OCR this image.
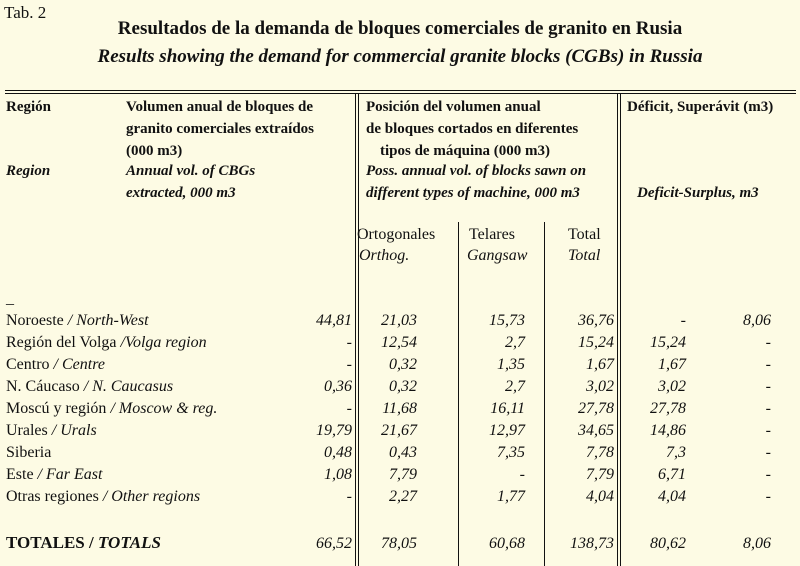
Tab. 2
Resultados de la demanda de bloques comerciales de granito en Rusia
Results showing the demand for commercial granite blocks (CGBs) in Russia
Región
Region
Volumen anual de bloques de
granito comerciales extraídos
(000 m3)
Annual vol. of CBGs
extracted, 000 m3
Posición del volumen anual
de bloques cortados en diferentes
tipos de máquina (000 m3)
Poss. annual vol. of blocks sawn on
different types of machine, 000 m3
Déficit, Superávit (m3)
Deficit-Surplus, m3
Ortogonales
Orthog.
Telares
Gangsaw
Total
Total
_
Noroeste / North-West	44,81	21,03	15,73	36,76	-	8,06
Región del Volga /Volga region	-	12,54	2,7	15,24	15,24	-
Centro / Centre	-	0,32	1,35	1,67	1,67	-
N. Cáucaso / N. Caucasus	0,36	0,32	2,7	3,02	3,02	-
Moscú y región / Moscow & reg.	-	11,68	16,11	27,78	27,78	-
Urales / Urals	19,79	21,67	12,97	34,65	14,86	-
Siberia	0,48	0,43	7,35	7,78	7,3	-
Este / Far East	1,08	7,79	-	7,79	6,71	-
Otras regiones / Other regions	-	2,27	1,77	4,04	4,04	-
TOTALES / TOTALS	66,52	78,05	60,68	138,73	80,62	8,06
